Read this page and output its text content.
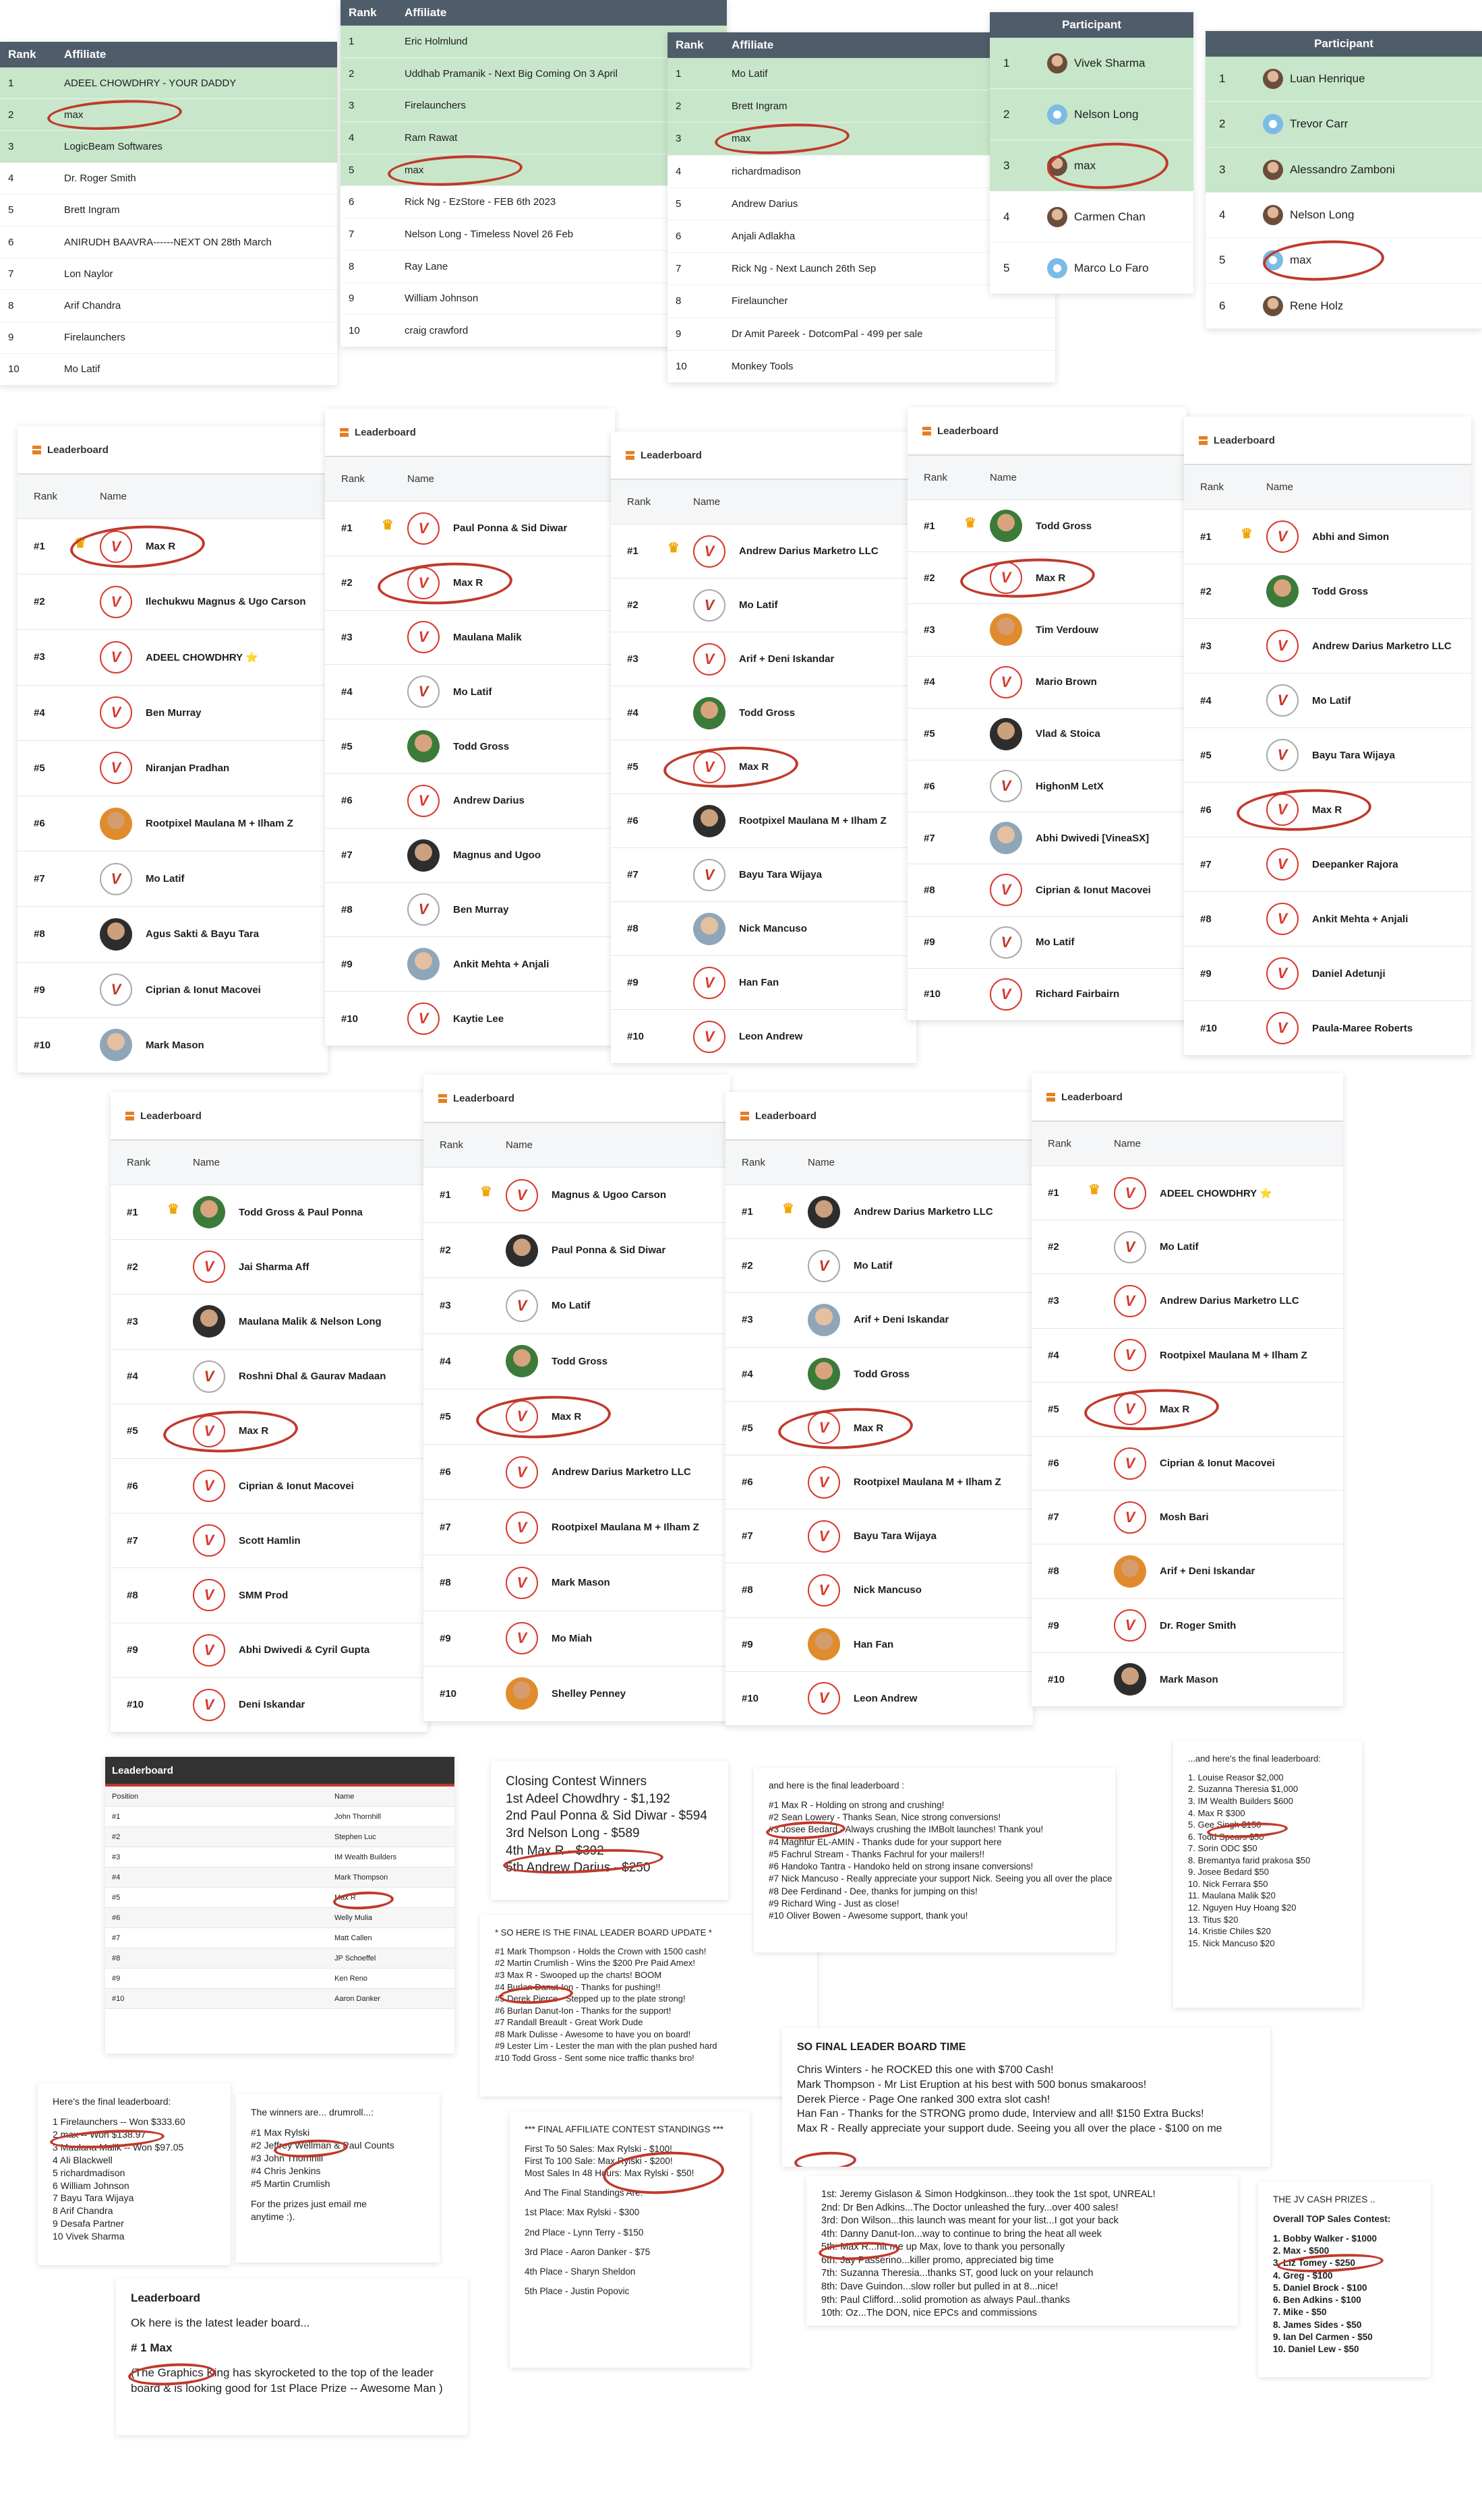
Rank	Affiliate
1	ADEEL CHOWDHRY - YOUR DADDY
2	max
3	LogicBeam Softwares
4	Dr. Roger Smith
5	Brett Ingram
6	ANIRUDH BAAVRA------NEXT ON 28th March
7	Lon Naylor
8	Arif Chandra
9	Firelaunchers
10	Mo Latif
Rank	Affiliate
1	Eric Holmlund
2	Uddhab Pramanik - Next Big Coming On 3 April
3	Firelaunchers
4	Ram Rawat
5	max
6	Rick Ng - EzStore - FEB 6th 2023
7	Nelson Long - Timeless Novel 26 Feb
8	Ray Lane
9	William Johnson
10	craig crawford
Rank	Affiliate
1	Mo Latif
2	Brett Ingram
3	max
4	richardmadison
5	Andrew Darius
6	Anjali Adlakha
7	Rick Ng - Next Launch 26th Sep
8	Firelauncher
9	Dr Amit Pareek - DotcomPal - 499 per sale
10	Monkey Tools
Participant
1	Vivek Sharma
2	Nelson Long
3	max
4	Carmen Chan
5	Marco Lo Faro
Participant
1	Luan Henrique
2	Trevor Carr
3	Alessandro Zamboni
4	Nelson Long
5	max
6	Rene Holz
Leaderboard
Rank	Name
#1 ♛	V	Max R
#2	V	Ilechukwu Magnus & Ugo Carson
#3	V	ADEEL CHOWDHRY ⭐
#4	V	Ben Murray
#5	V	Niranjan Pradhan
#6	Rootpixel Maulana M + Ilham Z
#7	V	Mo Latif
#8	Agus Sakti & Bayu Tara
#9	V	Ciprian & Ionut Macovei
#10	Mark Mason
Leaderboard
Rank	Name
#1 ♛	V	Paul Ponna & Sid Diwar
#2	V	Max R
#3	V	Maulana Malik
#4	V	Mo Latif
#5	Todd Gross
#6	V	Andrew Darius
#7	Magnus and Ugoo
#8	V	Ben Murray
#9	Ankit Mehta + Anjali
#10	V	Kaytie Lee
Leaderboard
Rank	Name
#1 ♛	V	Andrew Darius Marketro LLC
#2	V	Mo Latif
#3	V	Arif + Deni Iskandar
#4	Todd Gross
#5	V	Max R
#6	Rootpixel Maulana M + Ilham Z
#7	V	Bayu Tara Wijaya
#8	Nick Mancuso
#9	V	Han Fan
#10	V	Leon Andrew
Leaderboard
Rank	Name
#1 ♛	Todd Gross
#2	V	Max R
#3	Tim Verdouw
#4	V	Mario Brown
#5	Vlad & Stoica
#6	V	HighonM LetX
#7	Abhi Dwivedi [VineaSX]
#8	V	Ciprian & Ionut Macovei
#9	V	Mo Latif
#10	V	Richard Fairbairn
Leaderboard
Rank	Name
#1 ♛	V	Abhi and Simon
#2	Todd Gross
#3	V	Andrew Darius Marketro LLC
#4	V	Mo Latif
#5	V	Bayu Tara Wijaya
#6	V	Max R
#7	V	Deepanker Rajora
#8	V	Ankit Mehta + Anjali
#9	V	Daniel Adetunji
#10	V	Paula-Maree Roberts
Leaderboard
Rank	Name
#1 ♛	Todd Gross & Paul Ponna
#2	V	Jai Sharma Aff
#3	Maulana Malik & Nelson Long
#4	V	Roshni Dhal & Gaurav Madaan
#5	V	Max R
#6	V	Ciprian & Ionut Macovei
#7	V	Scott Hamlin
#8	V	SMM Prod
#9	V	Abhi Dwivedi & Cyril Gupta
#10	V	Deni Iskandar
Leaderboard
Rank	Name
#1 ♛	V	Magnus & Ugoo Carson
#2	Paul Ponna & Sid Diwar
#3	V	Mo Latif
#4	Todd Gross
#5	V	Max R
#6	V	Andrew Darius Marketro LLC
#7	V	Rootpixel Maulana M + Ilham Z
#8	V	Mark Mason
#9	V	Mo Miah
#10	Shelley Penney
Leaderboard
Rank	Name
#1 ♛	Andrew Darius Marketro LLC
#2	V	Mo Latif
#3	Arif + Deni Iskandar
#4	Todd Gross
#5	V	Max R
#6	V	Rootpixel Maulana M + Ilham Z
#7	V	Bayu Tara Wijaya
#8	V	Nick Mancuso
#9	Han Fan
#10	V	Leon Andrew
Leaderboard
Rank	Name
#1 ♛	V	ADEEL CHOWDHRY ⭐
#2	V	Mo Latif
#3	V	Andrew Darius Marketro LLC
#4	V	Rootpixel Maulana M + Ilham Z
#5	V	Max R
#6	V	Ciprian & Ionut Macovei
#7	V	Mosh Bari
#8	Arif + Deni Iskandar
#9	V	Dr. Roger Smith
#10	Mark Mason
Leaderboard
Position	Name
#1	John Thornhill
#2	Stephen Luc
#3	IM Wealth Builders
#4	Mark Thompson
#5	Max R
#6	Welly Mulia
#7	Matt Callen
#8	JP Schoeffel
#9	Ken Reno
#10	Aaron Danker
Closing Contest Winners
1st Adeel Chowdhry - $1,192
2nd Paul Ponna & Sid Diwar - $594
3rd Nelson Long - $589
4th Max R - $392
5th Andrew Darius - $250
* SO HERE IS THE FINAL LEADER BOARD UPDATE *
#1 Mark Thompson - Holds the Crown with 1500 cash!
#2 Martin Crumlish - Wins the $200 Pre Paid Amex!
#3 Max R - Swooped up the charts! BOOM
#4 Burlan Danut-Ion - Thanks for pushing!!
#5 Derek Pierce - Stepped up to the plate strong!
#6 Burlan Danut-Ion - Thanks for the support!
#7 Randall Breault - Great Work Dude
#8 Mark Dulisse - Awesome to have you on board!
#9 Lester Lim - Lester the man with the plan pushed hard
#10 Todd Gross - Sent some nice traffic thanks bro!
and here is the final leaderboard :
#1 Max R - Holding on strong and crushing!
#2 Sean Lowery - Thanks Sean, Nice strong conversions!
#3 Josee Bedard - Always crushing the IMBolt launches! Thank you!
#4 Maghfur EL-AMIN - Thanks dude for your support here
#5 Fachrul Stream - Thanks Fachrul for your mailers!!
#6 Handoko Tantra - Handoko held on strong insane conversions!
#7 Nick Mancuso - Really appreciate your support Nick. Seeing you all over the place
#8 Dee Ferdinand - Dee, thanks for jumping on this!
#9 Richard Wing - Just as close!
#10 Oliver Bowen - Awesome support, thank you!
...and here's the final leaderboard:
1. Louise Reasor $2,000
2. Suzanna Theresia $1,000
3. IM Wealth Builders $600
4. Max R $300
5. Gee Singh $150
6. Todd Spears $50
7. Sorin ODC $50
8. Bremantya farid prakosa $50
9. Josee Bedard $50
10. Nick Ferrara $50
11. Maulana Malik $20
12. Nguyen Huy Hoang $20
13. Titus $20
14. Kristie Chiles $20
15. Nick Mancuso $20
Here's the final leaderboard:
1 Firelaunchers -- Won $333.60
2 max -- Won $138.97
3 Maulana Malik -- Won $97.05
4 Ali Blackwell
5 richardmadison
6 William Johnson
7 Bayu Tara Wijaya
8 Arif Chandra
9 Desafa Partner
10 Vivek Sharma
The winners are... drumroll...:
#1 Max Rylski
#2 Jeffrey Wellman & Paul Counts
#3 John Thornhill
#4 Chris Jenkins
#5 Martin Crumlish
For the prizes just email me
anytime :).
*** FINAL AFFILIATE CONTEST STANDINGS ***
First To 50 Sales: Max Rylski - $100!
First To 100 Sale: Max Rylski - $200!
Most Sales In 48 Hours: Max Rylski - $50!
And The Final Standings Are:
1st Place: Max Rylski - $300
2nd Place - Lynn Terry - $150
3rd Place - Aaron Danker - $75
4th Place - Sharyn Sheldon
5th Place - Justin Popovic
SO FINAL LEADER BOARD TIME
Chris Winters - he ROCKED this one with $700 Cash!
Mark Thompson - Mr List Eruption at his best with 500 bonus smakaroos!
Derek Pierce - Page One ranked 300 extra slot cash!
Han Fan - Thanks for the STRONG promo dude, Interview and all! $150 Extra Bucks!
Max R - Really appreciate your support dude. Seeing you all over the place - $100 on me
1st: Jeremy Gislason & Simon Hodgkinson...they took the 1st spot, UNREAL!
2nd: Dr Ben Adkins...The Doctor unleashed the fury...over 400 sales!
3rd: Don Wilson...this launch was meant for your list...I got your back
4th: Danny Danut-Ion...way to continue to bring the heat all week
5th: Max R...hit me up Max, love to thank you personally
6th: Jay Passerino...killer promo, appreciated big time
7th: Suzanna Theresia...thanks ST, good luck on your relaunch
8th: Dave Guindon...slow roller but pulled in at 8...nice!
9th: Paul Clifford...solid promotion as always Paul..thanks
10th: Oz...The DON, nice EPCs and commissions
THE JV CASH PRIZES ..
Overall TOP Sales Contest:
1. Bobby Walker - $1000
2. Max - $500
3. Liz Tomey - $250
4. Greg - $100
5. Daniel Brock - $100
6. Ben Adkins - $100
7. Mike - $50
8. James Sides - $50
9. Ian Del Carmen - $50
10. Daniel Lew - $50
Leaderboard
Ok here is the latest leader board...
# 1 Max
(The Graphics King has skyrocketed to the top of the leader board & is looking good for 1st Place Prize -- Awesome Man )
